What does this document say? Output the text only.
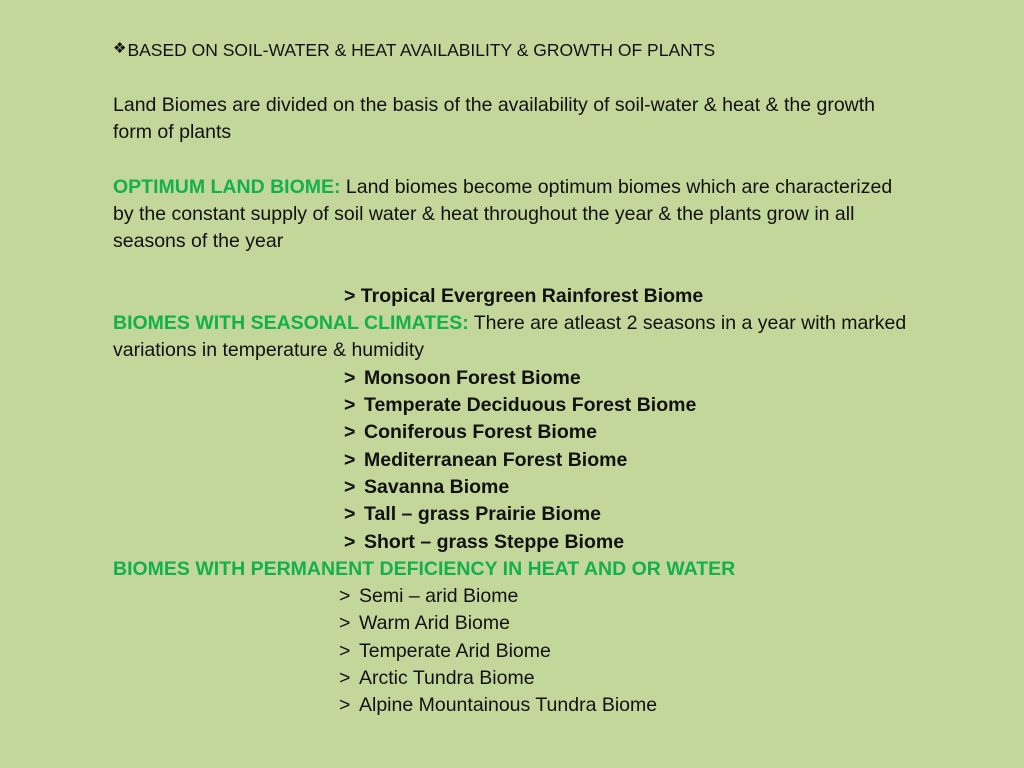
❖BASED ON SOIL-WATER & HEAT AVAILABILITY & GROWTH OF PLANTS
Land Biomes are divided on the basis of the availability of soil-water & heat & the growth
form of plants
OPTIMUM LAND BIOME: Land biomes become optimum biomes which are characterized
by the constant supply of soil water & heat throughout the year & the plants grow in all
seasons of the year
> Tropical Evergreen Rainforest Biome
BIOMES WITH SEASONAL CLIMATES: There are atleast 2 seasons in a year with marked
variations in temperature & humidity
> Monsoon Forest Biome
> Temperate Deciduous Forest Biome
> Coniferous Forest Biome
> Mediterranean Forest Biome
> Savanna Biome
> Tall – grass Prairie Biome
> Short – grass Steppe Biome
BIOMES WITH PERMANENT DEFICIENCY IN HEAT AND OR WATER
> Semi – arid Biome
> Warm Arid Biome
> Temperate Arid Biome
> Arctic Tundra Biome
> Alpine Mountainous Tundra Biome
